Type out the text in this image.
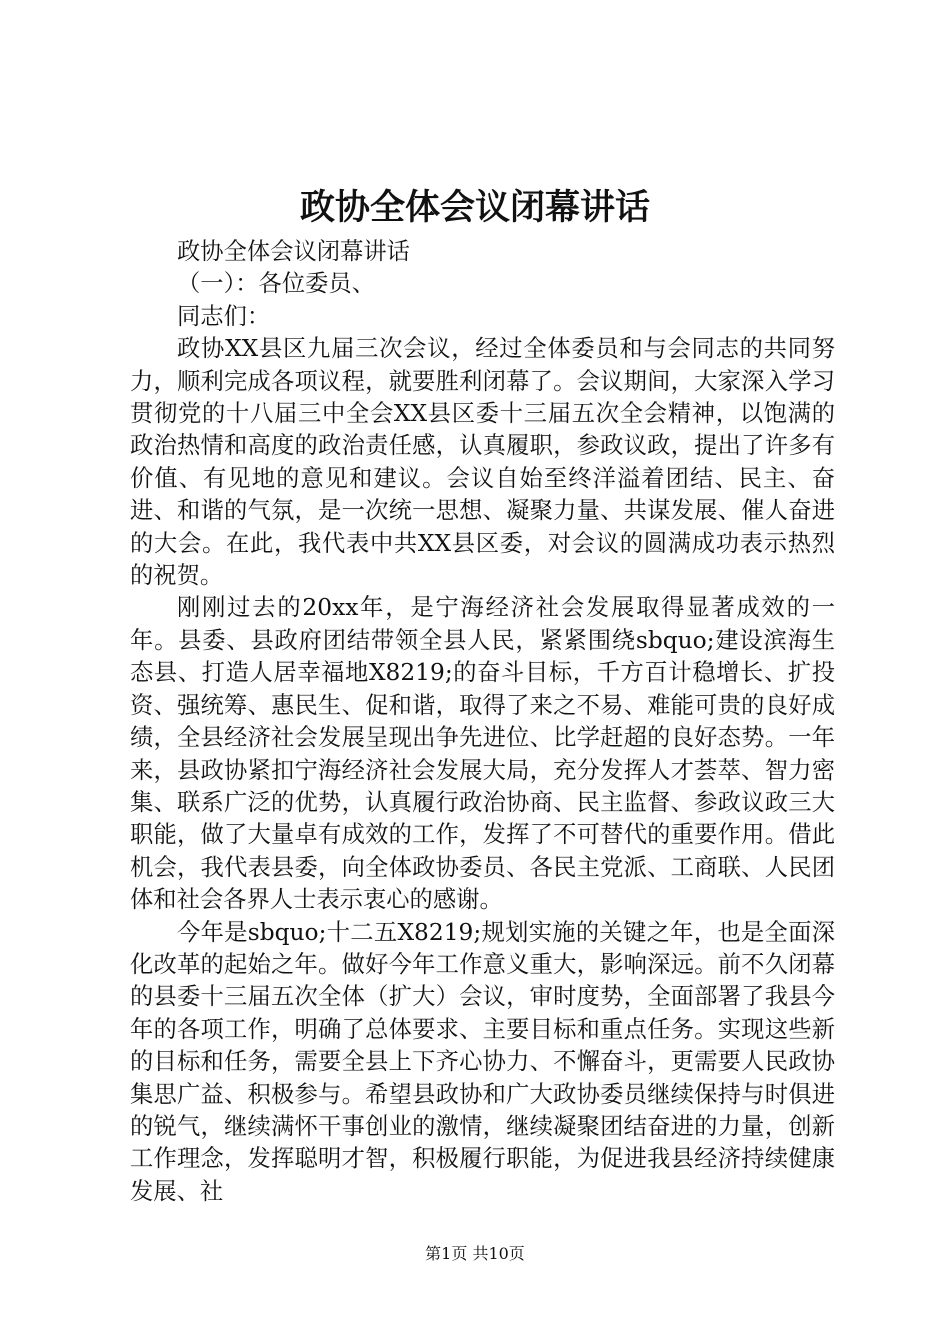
政协全体会议闭幕讲话

政协全体会议闭幕讲话

（一）：各位委员、

同志们：

政协XX县区九届三次会议，经过全体委员和与会同志的共同努力，顺利完成各项议程，就要胜利闭幕了。会议期间，大家深入学习贯彻党的十八届三中全会XX县区委十三届五次全会精神，以饱满的政治热情和高度的政治责任感，认真履职，参政议政，提出了许多有价值、有见地的意见和建议。会议自始至终洋溢着团结、民主、奋进、和谐的气氛，是一次统一思想、凝聚力量、共谋发展、催人奋进的大会。在此，我代表中共XX县区委，对会议的圆满成功表示热烈的祝贺。

刚刚过去的20xx年，是宁海经济社会发展取得显著成效的一年。县委、县政府团结带领全县人民，紧紧围绕sbquo;建设滨海生态县、打造人居幸福地X8219;的奋斗目标，千方百计稳增长、扩投资、强统筹、惠民生、促和谐，取得了来之不易、难能可贵的良好成绩，全县经济社会发展呈现出争先进位、比学赶超的良好态势。一年来，县政协紧扣宁海经济社会发展大局，充分发挥人才荟萃、智力密集、联系广泛的优势，认真履行政治协商、民主监督、参政议政三大职能，做了大量卓有成效的工作，发挥了不可替代的重要作用。借此机会，我代表县委，向全体政协委员、各民主党派、工商联、人民团体和社会各界人士表示衷心的感谢。

今年是sbquo;十二五X8219;规划实施的关键之年，也是全面深化改革的起始之年。做好今年工作意义重大，影响深远。前不久闭幕的县委十三届五次全体（扩大）会议，审时度势，全面部署了我县今年的各项工作，明确了总体要求、主要目标和重点任务。实现这些新的目标和任务，需要全县上下齐心协力、不懈奋斗，更需要人民政协集思广益、积极参与。希望县政协和广大政协委员继续保持与时俱进的锐气，继续满怀干事创业的激情，继续凝聚团结奋进的力量，创新工作理念，发挥聪明才智，积极履行职能，为促进我县经济持续健康发展、社

第1页 共10页
